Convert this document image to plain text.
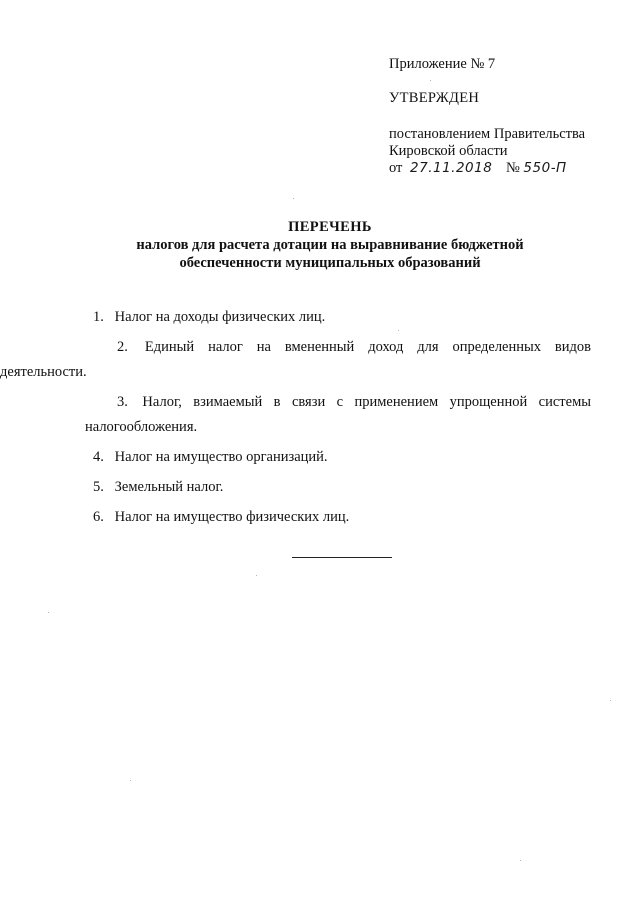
Приложение № 7
УТВЕРЖДЕН
постановлением Правительства
Кировской области
от 27.11.2018 № 550-П
ПЕРЕЧЕНЬ
налогов для расчета дотации на выравнивание бюджетной
обеспеченности муниципальных образований
1. Налог на доходы физических лиц.
2. Единый налог на вмененный доход для определенных видов
деятельности.
3. Налог, взимаемый в связи с применением упрощенной системы
налогообложения.
4. Налог на имущество организаций.
5. Земельный налог.
6. Налог на имущество физических лиц.
